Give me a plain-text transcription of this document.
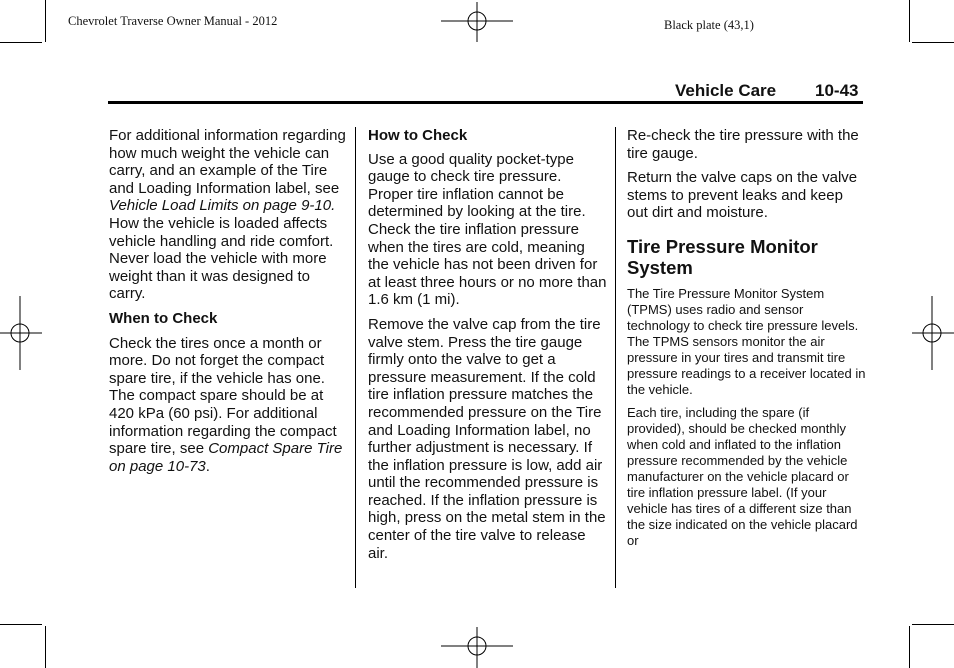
Chevrolet Traverse Owner Manual - 2012	Black plate (43,1)
Vehicle Care 10-43

For additional information regarding how much weight the vehicle can carry, and an example of the Tire and Loading Information label, see Vehicle Load Limits on page 9-10. How the vehicle is loaded affects vehicle handling and ride comfort. Never load the vehicle with more weight than it was designed to carry.

When to Check

Check the tires once a month or more. Do not forget the compact spare tire, if the vehicle has one. The compact spare should be at 420 kPa (60 psi). For additional information regarding the compact spare tire, see Compact Spare Tire on page 10-73.

How to Check

Use a good quality pocket-type gauge to check tire pressure. Proper tire inflation cannot be determined by looking at the tire. Check the tire inflation pressure when the tires are cold, meaning the vehicle has not been driven for at least three hours or no more than 1.6 km (1 mi).

Remove the valve cap from the tire valve stem. Press the tire gauge firmly onto the valve to get a pressure measurement. If the cold tire inflation pressure matches the recommended pressure on the Tire and Loading Information label, no further adjustment is necessary. If the inflation pressure is low, add air until the recommended pressure is reached. If the inflation pressure is high, press on the metal stem in the center of the tire valve to release air.

Re-check the tire pressure with the tire gauge.

Return the valve caps on the valve stems to prevent leaks and keep out dirt and moisture.

Tire Pressure Monitor System

The Tire Pressure Monitor System (TPMS) uses radio and sensor technology to check tire pressure levels. The TPMS sensors monitor the air pressure in your tires and transmit tire pressure readings to a receiver located in the vehicle.

Each tire, including the spare (if provided), should be checked monthly when cold and inflated to the inflation pressure recommended by the vehicle manufacturer on the vehicle placard or tire inflation pressure label. (If your vehicle has tires of a different size than the size indicated on the vehicle placard or
